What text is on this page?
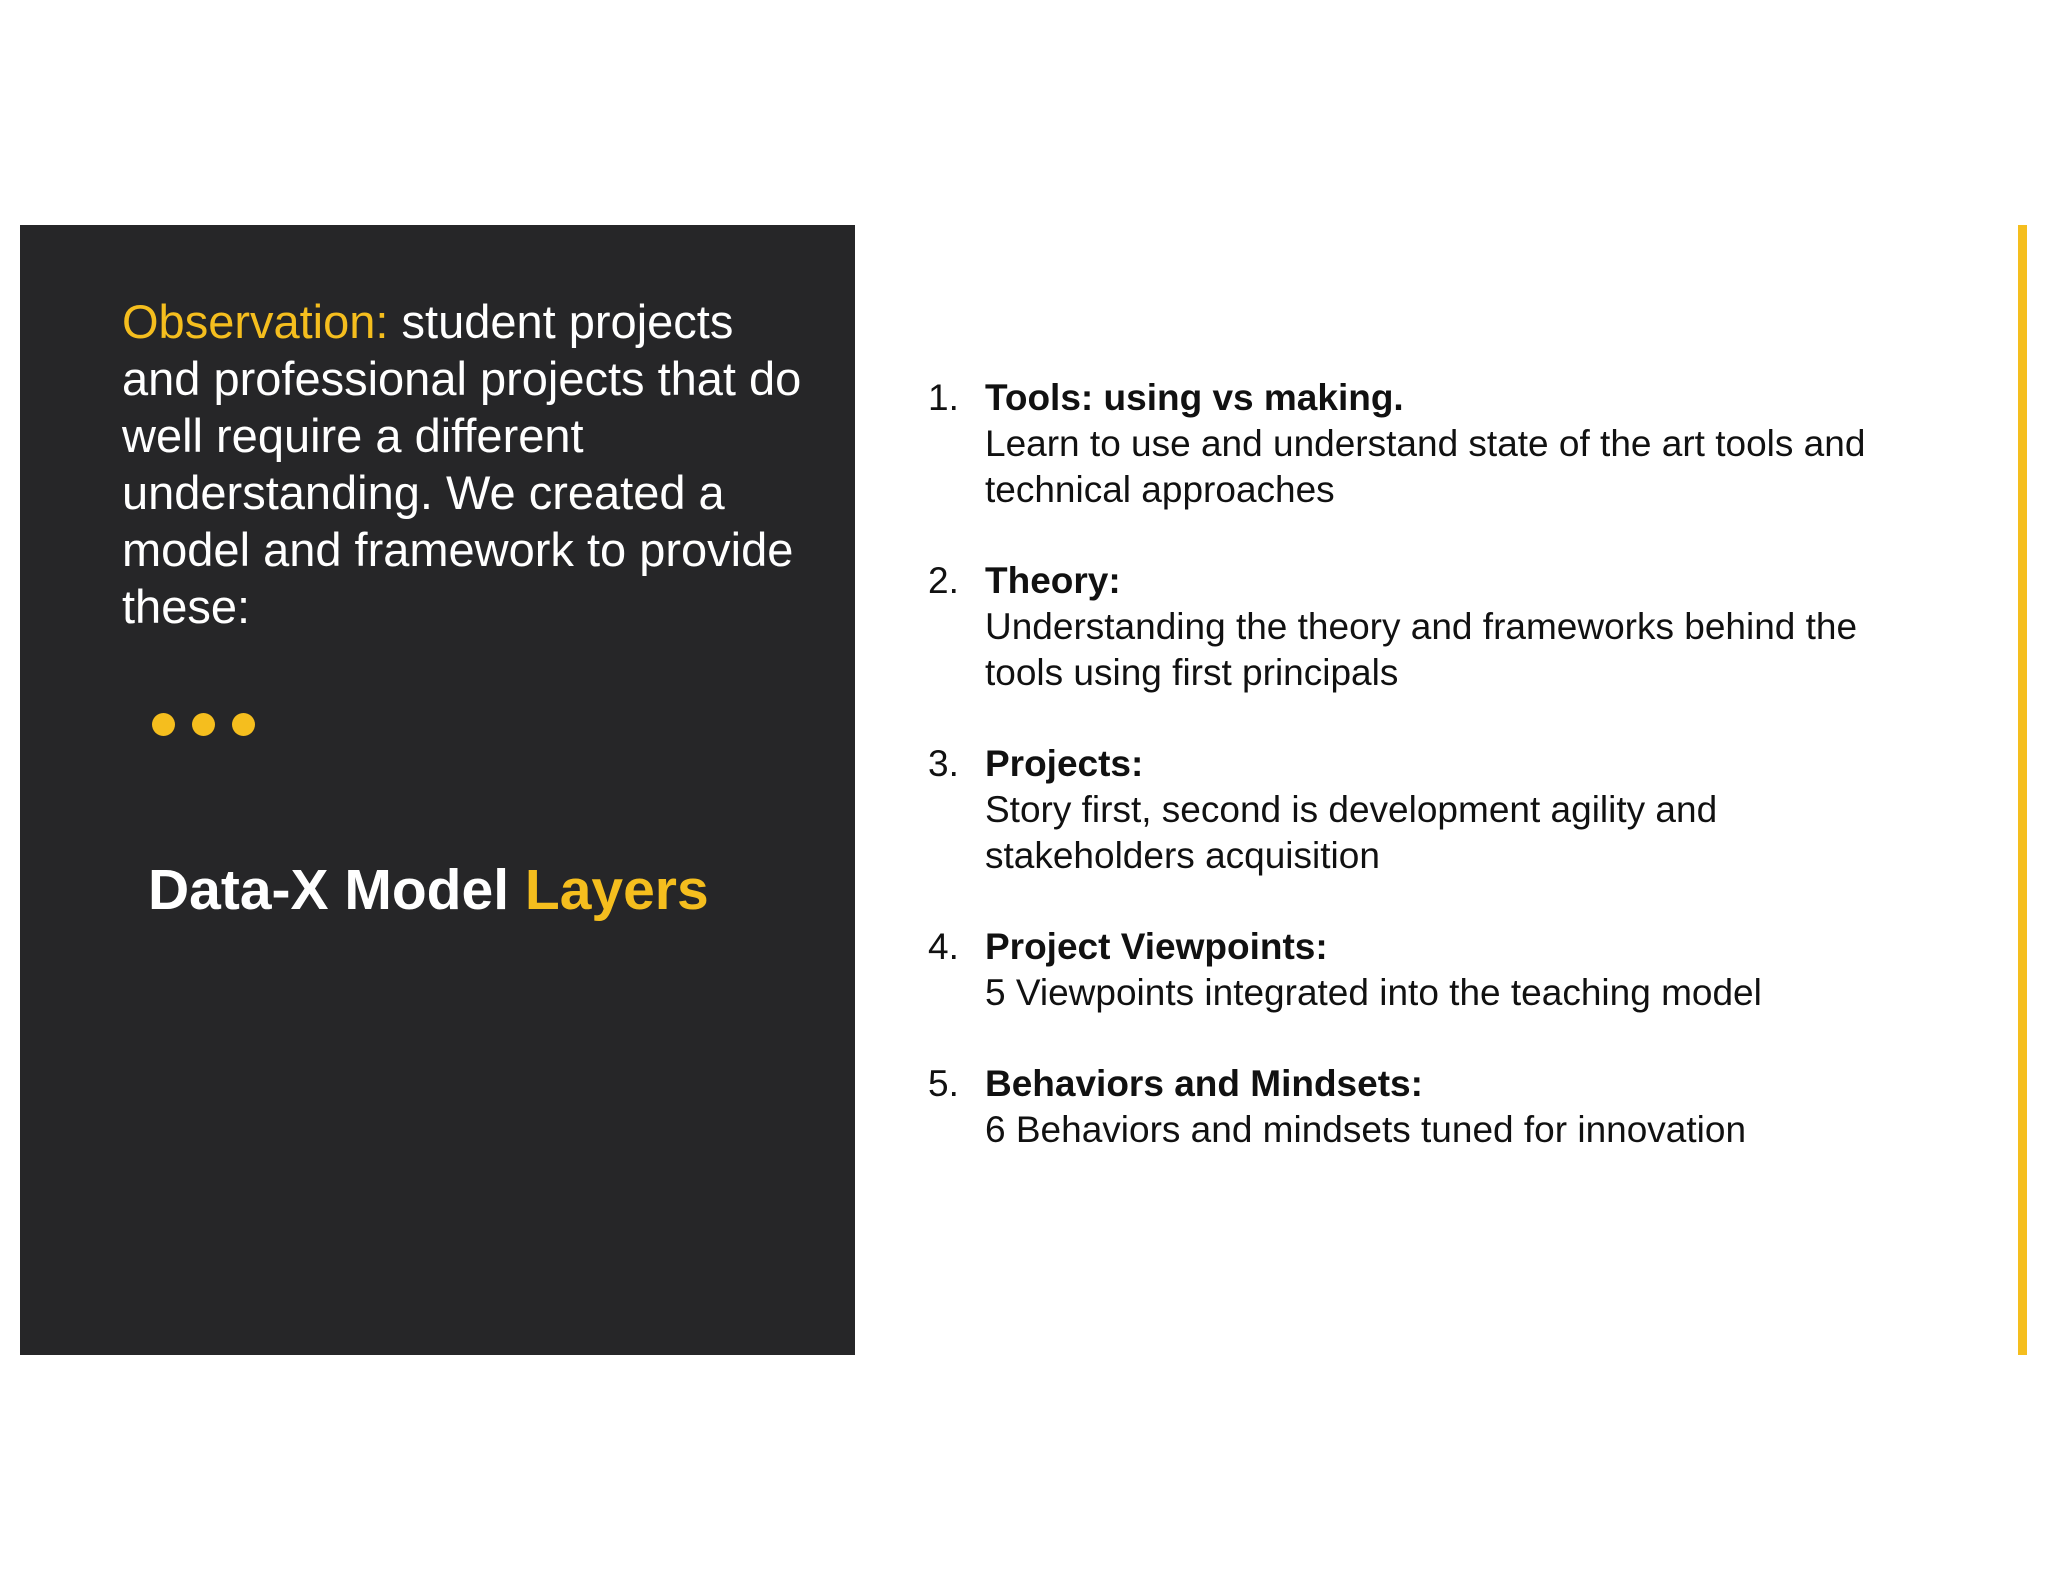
Observation: student projects and professional projects that do well require a different understanding. We created a model and framework to provide these:

Data-X Model Layers
1. Tools: using vs making.
Learn to use and understand state of the art tools and technical approaches
2. Theory:
Understanding the theory and frameworks behind the tools using first principals
3. Projects:
Story first, second is development agility and stakeholders acquisition
4. Project Viewpoints:
5 Viewpoints integrated into the teaching model
5. Behaviors and Mindsets:
6 Behaviors and mindsets tuned for innovation
